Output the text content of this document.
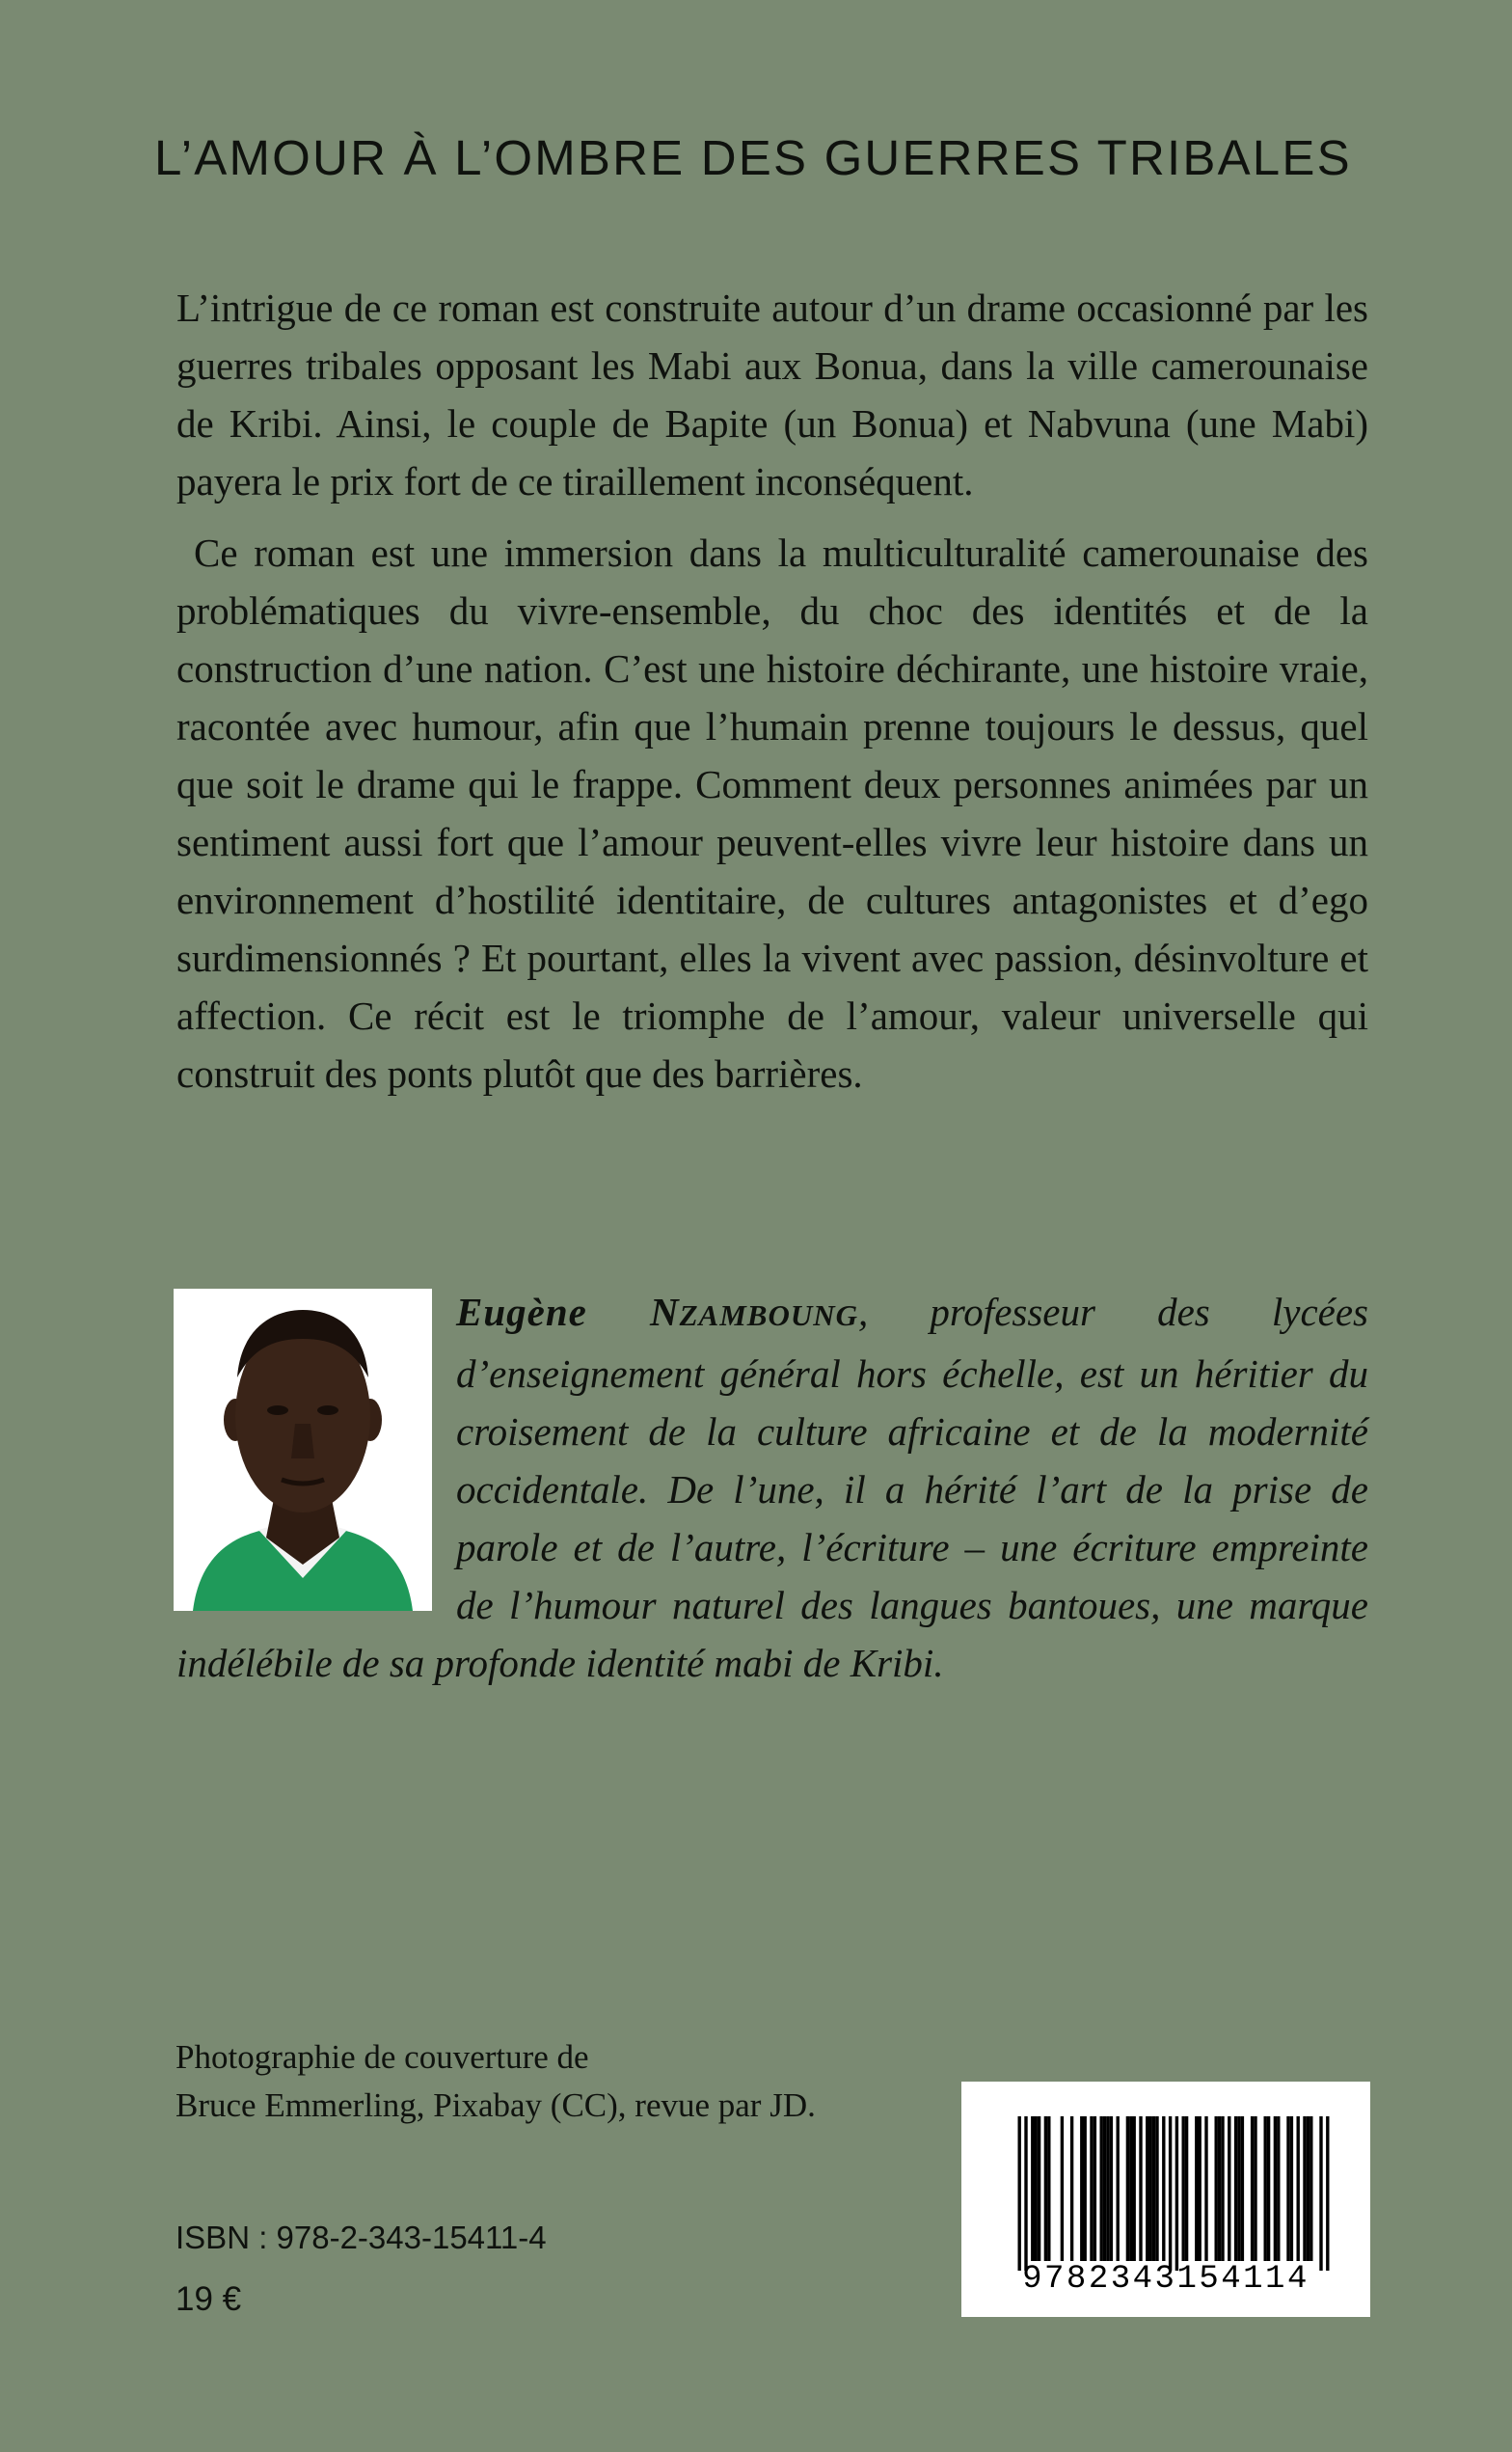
L’AMOUR À L’OMBRE DES GUERRES TRIBALES

L’intrigue de ce roman est construite autour d’un drame occasionné par les guerres tribales opposant les Mabi aux Bonua, dans la ville camerounaise de Kribi. Ainsi, le couple de Bapite (un Bonua) et Nabvuna (une Mabi) payera le prix fort de ce tiraillement inconséquent.

Ce roman est une immersion dans la multiculturalité camerounaise des problématiques du vivre-ensemble, du choc des identités et de la construction d’une nation. C’est une histoire déchirante, une histoire vraie, racontée avec humour, afin que l’humain prenne toujours le dessus, quel que soit le drame qui le frappe. Comment deux personnes animées par un sentiment aussi fort que l’amour peuvent-elles vivre leur histoire dans un environnement d’hostilité identitaire, de cultures antagonistes et d’ego surdimensionnés ? Et pourtant, elles la vivent avec passion, désinvolture et affection. Ce récit est le triomphe de l’amour, valeur universelle qui construit des ponts plutôt que des barrières.

Eugène NZAMBOUNG, professeur des lycées d’enseignement général hors échelle, est un héritier du croisement de la culture africaine et de la modernité occidentale. De l’une, il a hérité l’art de la prise de parole et de l’autre, l’écriture – une écriture empreinte de l’humour naturel des langues bantoues, une marque indélébile de sa profonde identité mabi de Kribi.
Photographie de couverture de
Bruce Emmerling, Pixabay (CC), revue par JD.
ISBN : 978-2-343-15411-4
19 €
9782343154114
